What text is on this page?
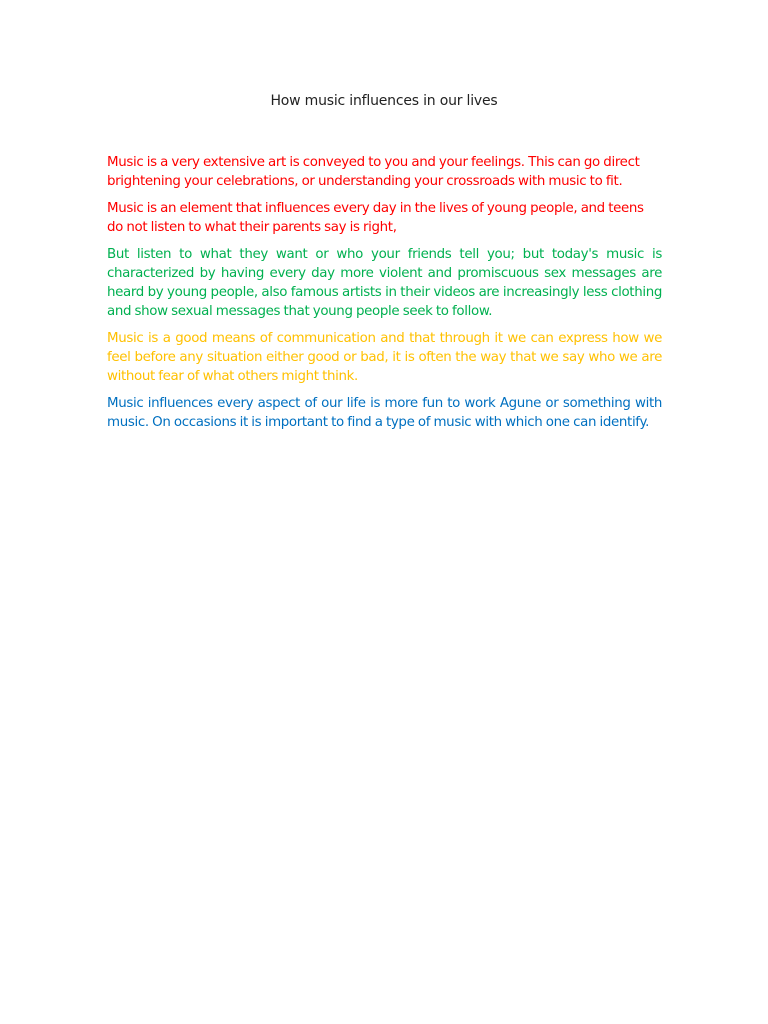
How music influences in our lives

Music is a very extensive art is conveyed to you and your feelings. This can go direct brightening your celebrations, or understanding your crossroads with music to fit.

Music is an element that influences every day in the lives of young people, and teens do not listen to what their parents say is right,

But listen to what they want or who your friends tell you; but today's music is characterized by having every day more violent and promiscuous sex messages are heard by young people, also famous artists in their videos are increasingly less clothing and show sexual messages that young people seek to follow.

Music is a good means of communication and that through it we can express how we feel before any situation either good or bad, it is often the way that we say who we are without fear of what others might think.

Music influences every aspect of our life is more fun to work Agune or something with music. On occasions it is important to find a type of music with which one can identify.
